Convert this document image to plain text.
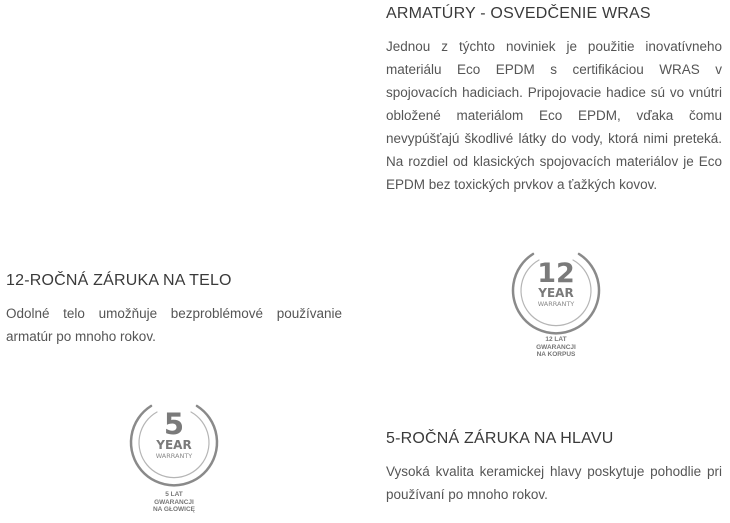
ARMATÚRY - OSVEDČENIE WRAS

Jednou z týchto noviniek je použitie inovatívneho materiálu Eco EPDM s certifikáciou WRAS v spojovacích hadiciach. Pripojovacie hadice sú vo vnútri obložené materiálom Eco EPDM, vďaka čomu nevypúšťajú škodlivé látky do vody, ktorá nimi preteká. Na rozdiel od klasických spojovacích materiálov je Eco EPDM bez toxických prvkov a ťažkých kovov.

12-ROČNÁ ZÁRUKA NA TELO

Odolné telo umožňuje bezproblémové používanie armatúr po mnoho rokov.

5-ROČNÁ ZÁRUKA NA HLAVU

Vysoká kvalita keramickej hlavy poskytuje pohodlie pri používaní po mnoho rokov.

12
YEAR
WARRANTY
12 LAT
GWARANCJI
NA KORPUS
5
YEAR
WARRANTY
5 LAT
GWARANCJI
NA GŁOWICĘ
